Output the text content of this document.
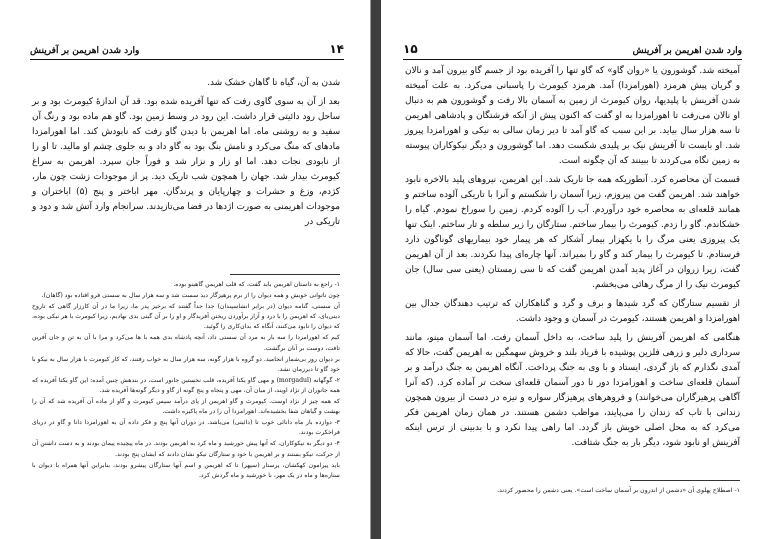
۱۴
وارد شدن اهریمن بر آفرینش

شدن به آن، گیاه تا گاهان خشک شد.

بعد از آن به سوی گاوی رفت که تنها آفریده شده بود. قد آن اندازهٔ کیومرث بود و بر ساحل رود دائیتی قرار داشت. این رود در وسط زمین بود. گاو هم ماده بود و رنگ آن سفید و به روشنی ماه. اما اهریمن با دیدن گاو رفت که نابودش کند. اما اهورامزدا مادهای که منگ می‌کرد و نامش بنگ بود به گاو داد و به جلوی چشم او مالید. تا او را از نابودی نجات دهد. اما او زار و نزار شد و فوراً جان سپرد. اهریمن به سراغ کیومرث بیدار شد. جهان را همچون شب تاریک دید. پر از موجودات زشت چون مار، کژدم، وزغ و حشرات و چهارپایان و پرندگان. مهر اباختر و پنج (۵) اباختران و موجودات اهریمنی به صورت اژدها در فضا می‌تازیدند. سرانجام وارد آتش شد و دود و تاریکی در

۱- راجع به داستان اهریمن باید گفت، که قلب اهریمن گاهینو بوده.

چون تاتوانی خویش و همه دیوان را از برم پرهیزگار دید سست شد و سه هزار سال به سستی فرو افتاده بود (گاهان).

آن سستی، گنامه دیوان (در برابر انشاسپندان) جدا جداً گفتند که برخیز پدر ما، زیرا ما در آن کارزار گاهی که تاروح دینی‌یای، که اهریمن را با درد و آزار برآوردن ریختن آفریدگار و او را بر آن گیتی بدی نهادیم، زیرا کیومرث با هر نیکی بوده، که دیوان را نابود می‌کنند، آنگاه که بدان‌کاری را گوئید.

کیم که اهورامزدا را سه بار به مرد آن سستی داد، آنچه پادشاه بدی همه با ها می‌کرد و مرا با آن به تن و جان آفرین تافت، دوست بر آنان برگشت.

بر دیوان روز بی‌شمار انجامید. دو گروه با هزار گونه، سه هزار سال به خواب رفتند، که کار کیومرث با هزار سال به نیکو با خود گاو تا دیرزمان نشد.

۲- گوگهانه (morgadul) و مهی گاو یکتا آفریده، قلب نخستین جانور است، در بندهش چنین آمده: این گاو یکتا آفریده که همه جانوران از نژاد اویند، از میان آن، مهی و پنجاه و پنج گونه از گاو و دیگر گونه‌ها آفریده شد.

که همه چیز از نژاد اوست. کیومرث و گاو اهریمن از پای درآمد سپس کیومرث و گاو از ماده آن آفریده شد که آن را بهشت و گیاهان شفا بخشیده‌اند. اهورامزدا آن را در ماه پاکیزه داشت.

۳- دوازده بار ماه دانائی خوب تا (دائیتی) می‌باشد. در دوران آنها پنچ و فکر داده آن به اهورامزدا دانا و گاو در دریای فراخکرت بودند.

۴- دو دیگر به نیکوکاران، که آنها پیش خورشید و ماه کرد به اهریمن بودند. در ماه پیچیده پیمان بودند و به دست داشتن آن از حرکت، نیکو بستند و بر اهریمن با خود و ستارگان نیکو نشان دادند که ایشان پنج بودند.

باید پیرامون کهکشان، پرستار (سپهر) تا که اهریمن و اسم آنها ستارگان پیشرو بودند، بنابراین آنها همراه با دیوان با ستاره‌ها و ماه در یک مهر، با خورشید و ماه گردش کرد.

وارد شدن اهریمن بر آفرینش
۱۵

آمیخته شد. گوشورون یا «روان گاو» که گاو تنها را آفریده بود از جسم گاو بیرون آمد و نالان و گریان پیش هرمزد (اهورامزدا) آمد. هرمزد کیومرث را پاسبانی می‌کرد. به علت آمیخته شدن آفرینش با پلیدیها، روان کیومرث از زمین به آسمان بالا رفت و گوشورون هم به دنبال او نالان می‌رفت تا اهورامزدا به او گفت که اکنون پیش از آنکه فرشتگان و پادشاهی اهریمن تا سه هزار سال بیاید. بر این سبب که گاو آمد تا دیر زمان سالی به نیکی و اهورامزدا پیروز شد. او بایست تا آفرینش نیک بر پلیدی شکست دهد. اما گوشورون و دیگر نیکوکاران پیوسته به زمین نگاه می‌کردند تا ببینند که آن چگونه است.

قسمت آن محاصره کرد. آنطوریکه همه جا تاریک شد. این اهریمن، نیروهای پلید بالاخره نابود خواهند شد. اهریمن گفت من پیروزم، زیرا آسمان را شکستم و آنرا با تاریکی آلوده ساختم و همانند قلعه‌ای به محاصره خود درآوردم. آب را آلوده کردم. زمین را سوراخ نمودم. گیاه را خشکاندم. گاو را زدم. کیومرث را بیمار ساختم. ستارگان را زیر سلطه و تار ساختم. اینک تنها یک پیروزی یعنی مرگ را با یکهزار بیمار آشکار که هر پیمار خود بیماریهای گوناگون دارد فرستادم. تا کیومرث را بیمار کند و گاو را بمیراند. آنها چاره‌ای پیدا نکردند. بعد از آن اهریمن گفت، زیرا زروان در آغاز پدید آمدن اهریمن گفت که تا سی زمستان (یعنی سی سال) جان کیومرث نیک را از مرگ رهائی می‌بخشم.

از تقسیم ستارگان که گرد شیدها و برف و گرد و گناهکاران که ترتیب دهندگان جدال بین اهورامزدا و اهریمن هستند، کیومرث در آسمان و وجود داشت.

هنگامی که اهریمن آفرینش را پلید ساخت، به داخل آسمان رفت. اما آسمان مینو، مانند سرداری دلیر و زرهی فلزین پوشیده با فریاد بلند و خروش سهمگین به اهریمن گفت، حالا که آمدی نگذارم که باز گردی، ایستاد و با وی به جنگ پرداخت. آنگاه اهریمن به جنگ درآمد و بر آسمان قلعه‌ای ساخت و اهورامزدا دور تا دور آسمان قلعه‌ای سخت تر آماده کرد. (که آنرا آگاهی پرهیزگاران می‌خوانند) و فروهرهای پرهیزگار سواره و نیزه در دست از بیرون همچون زندانی با تاب که زندان را می‌پایند، مواظب دشمن هستند. در همان زمان اهریمن فکر می‌کرد که به محل اصلی خویش باز گردد. اما راهی پیدا نکرد و با بدبینی از ترس اینکه آفرینش او نابود شود، دیگر بار به جنگ شتافت.

۱- اصطلاح پهلوی آن «دشمن از اندرون بر آسمان ساخت است». یعنی دشمن را محصور کردند.
